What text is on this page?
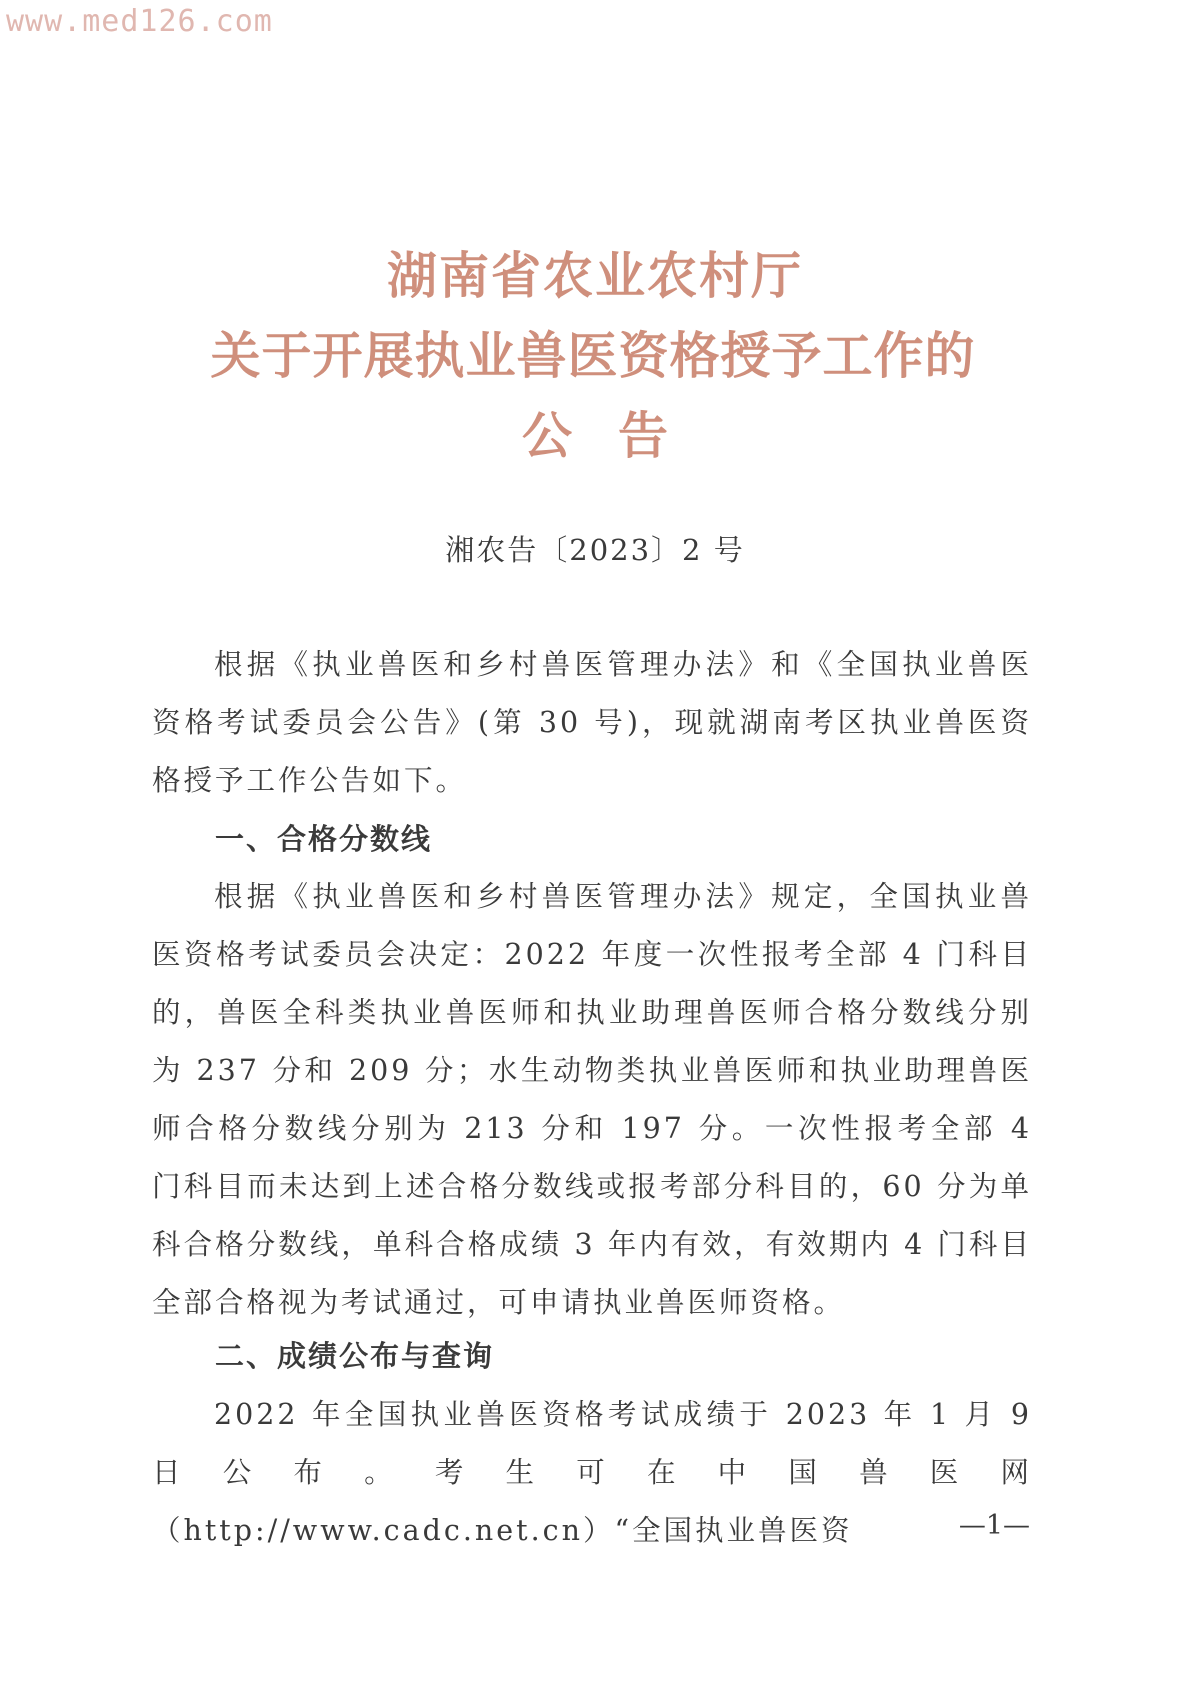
www.med126.com
湖南省农业农村厅
关于开展执业兽医资格授予工作的
公告
湘农告〔2023〕2 号
根据《执业兽医和乡村兽医管理办法》和《全国执业兽医资格考试委员会公告》(第 30 号)，现就湖南考区执业兽医资格授予工作公告如下。
一、合格分数线
根据《执业兽医和乡村兽医管理办法》规定，全国执业兽医资格考试委员会决定：2022 年度一次性报考全部 4 门科目的，兽医全科类执业兽医师和执业助理兽医师合格分数线分别为 237 分和 209 分；水生动物类执业兽医师和执业助理兽医师合格分数线分别为 213 分和 197 分。一次性报考全部 4 门科目而未达到上述合格分数线或报考部分科目的，60 分为单科合格分数线，单科合格成绩 3 年内有效，有效期内 4 门科目全部合格视为考试通过，可申请执业兽医师资格。
二、成绩公布与查询
2022 年全国执业兽医资格考试成绩于 2023 年 1 月 9 日公布。考生可在中国兽医网（http://www.cadc.net.cn）“全国执业兽医资	—1—
